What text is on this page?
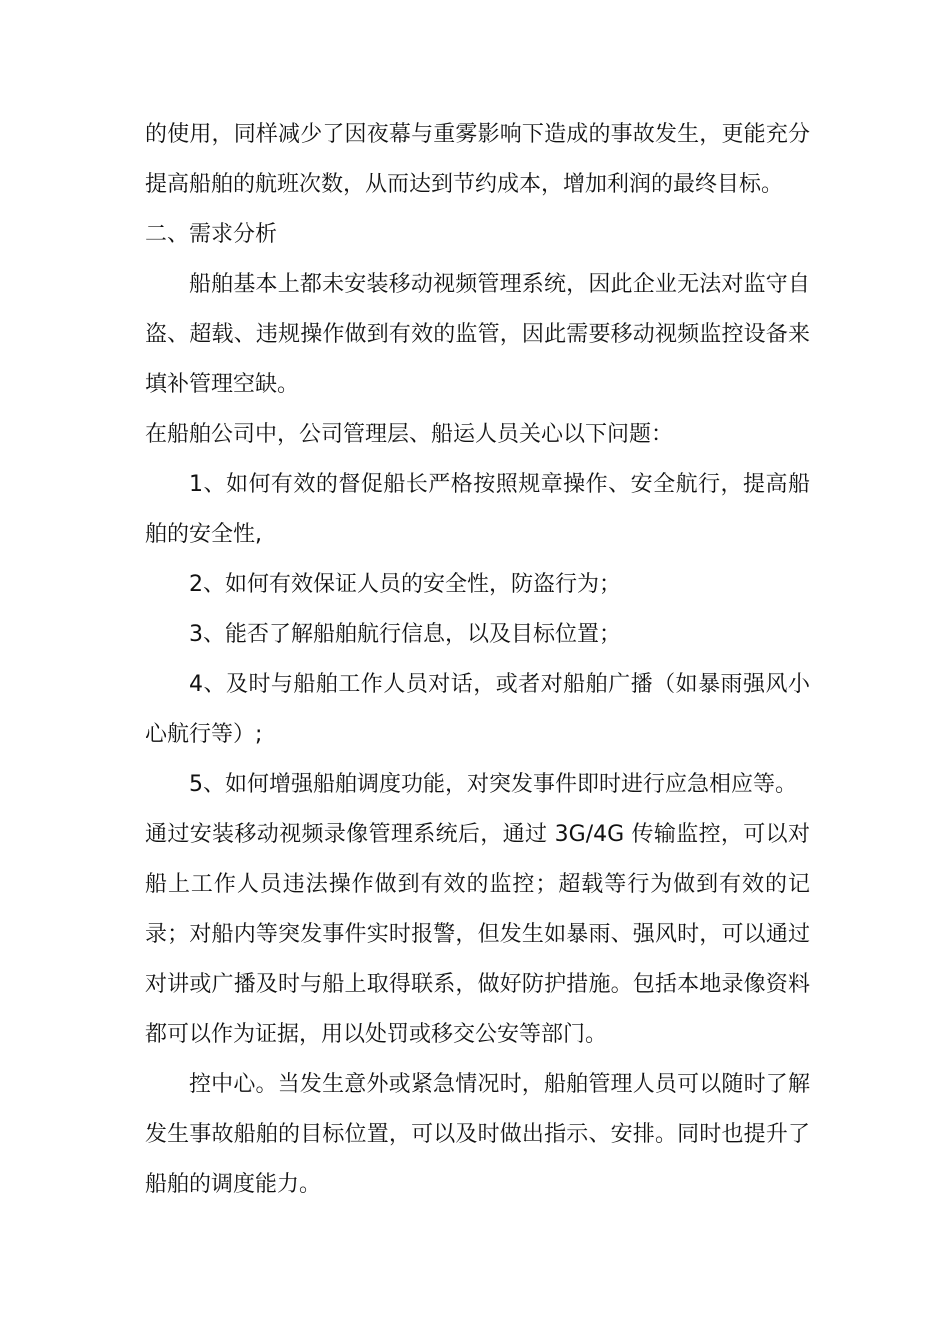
的使用，同样减少了因夜幕与重雾影响下造成的事故发生，更能充分提高船舶的航班次数，从而达到节约成本，增加利润的最终目标。

二、需求分析

船舶基本上都未安装移动视频管理系统，因此企业无法对监守自盗、超载、违规操作做到有效的监管，因此需要移动视频监控设备来填补管理空缺。

在船舶公司中，公司管理层、船运人员关心以下问题：

1、如何有效的督促船长严格按照规章操作、安全航行，提高船舶的安全性,

2、如何有效保证人员的安全性，防盗行为；

3、能否了解船舶航行信息，以及目标位置；

4、及时与船舶工作人员对话，或者对船舶广播（如暴雨强风小心航行等）;

5、如何增强船舶调度功能，对突发事件即时进行应急相应等。

通过安装移动视频录像管理系统后，通过 3G/4G 传输监控，可以对船上工作人员违法操作做到有效的监控；超载等行为做到有效的记录；对船内等突发事件实时报警，但发生如暴雨、强风时，可以通过对讲或广播及时与船上取得联系，做好防护措施。包括本地录像资料都可以作为证据，用以处罚或移交公安等部门。

控中心。当发生意外或紧急情况时，船舶管理人员可以随时了解发生事故船舶的目标位置，可以及时做出指示、安排。同时也提升了船舶的调度能力。
